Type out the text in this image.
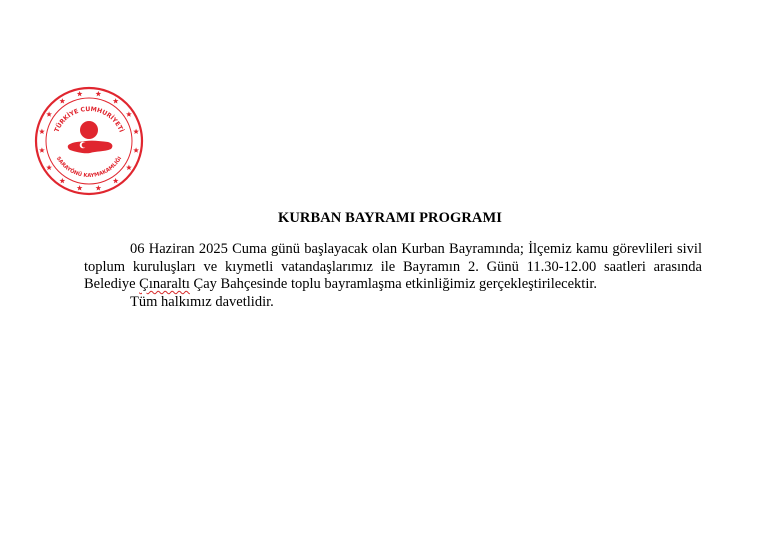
TÜRKİYE CUMHURİYETİ
SARAYÖNÜ KAYMAKAMLIĞI
KURBAN BAYRAMI PROGRAMI

06 Haziran 2025 Cuma günü başlayacak olan Kurban Bayramında; İlçemiz kamu görevlileri sivil toplum kuruluşları ve kıymetli vatandaşlarımız ile Bayramın 2. Günü 11.30-12.00 saatleri arasında Belediye Çınaraltı Çay Bahçesinde toplu bayramlaşma etkinliğimiz gerçekleştirilecektir.

Tüm halkımız davetlidir.
